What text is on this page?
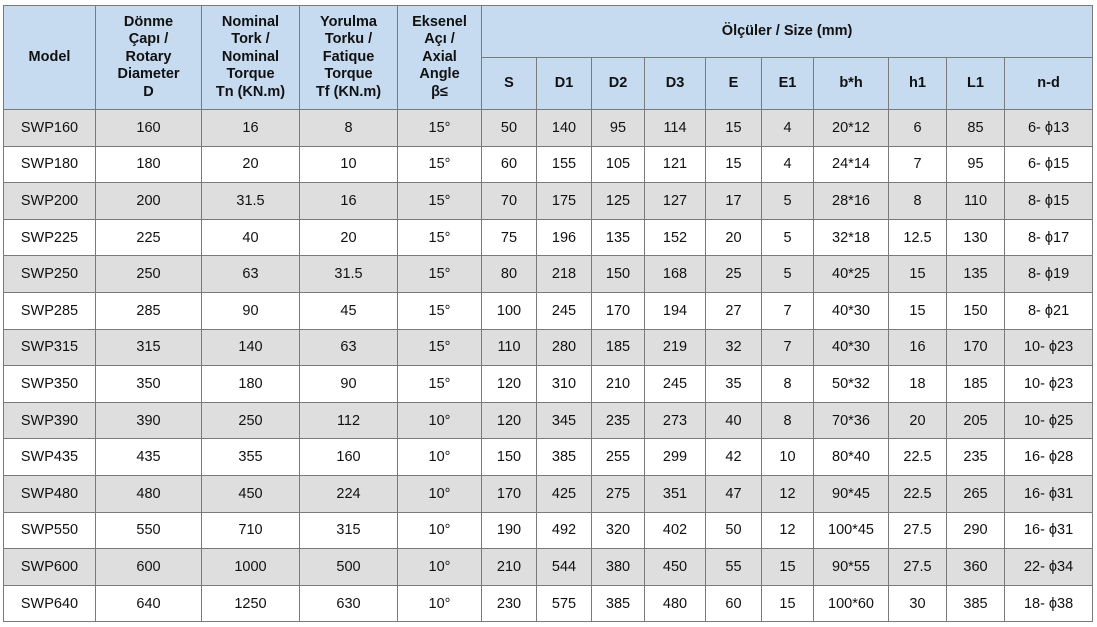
Model	Dönme
Çapı /
Rotary
Diameter
D	Nominal
Tork /
Nominal
Torque
Tn (KN.m)	Yorulma
Torku /
Fatique
Torque
Tf (KN.m)	Eksenel
Açı /
Axial
Angle
β≤	Ölçüler / Size (mm)									
					S	D1	D2	D3	E	E1	b*h	h1	L1	n-d
SWP160	160	16	8	15°	50	140	95	114	15	4	20*12	6	85	6- ϕ13
SWP180	180	20	10	15°	60	155	105	121	15	4	24*14	7	95	6- ϕ15
SWP200	200	31.5	16	15°	70	175	125	127	17	5	28*16	8	110	8- ϕ15
SWP225	225	40	20	15°	75	196	135	152	20	5	32*18	12.5	130	8- ϕ17
SWP250	250	63	31.5	15°	80	218	150	168	25	5	40*25	15	135	8- ϕ19
SWP285	285	90	45	15°	100	245	170	194	27	7	40*30	15	150	8- ϕ21
SWP315	315	140	63	15°	110	280	185	219	32	7	40*30	16	170	10- ϕ23
SWP350	350	180	90	15°	120	310	210	245	35	8	50*32	18	185	10- ϕ23
SWP390	390	250	112	10°	120	345	235	273	40	8	70*36	20	205	10- ϕ25
SWP435	435	355	160	10°	150	385	255	299	42	10	80*40	22.5	235	16- ϕ28
SWP480	480	450	224	10°	170	425	275	351	47	12	90*45	22.5	265	16- ϕ31
SWP550	550	710	315	10°	190	492	320	402	50	12	100*45	27.5	290	16- ϕ31
SWP600	600	1000	500	10°	210	544	380	450	55	15	90*55	27.5	360	22- ϕ34
SWP640	640	1250	630	10°	230	575	385	480	60	15	100*60	30	385	18- ϕ38
